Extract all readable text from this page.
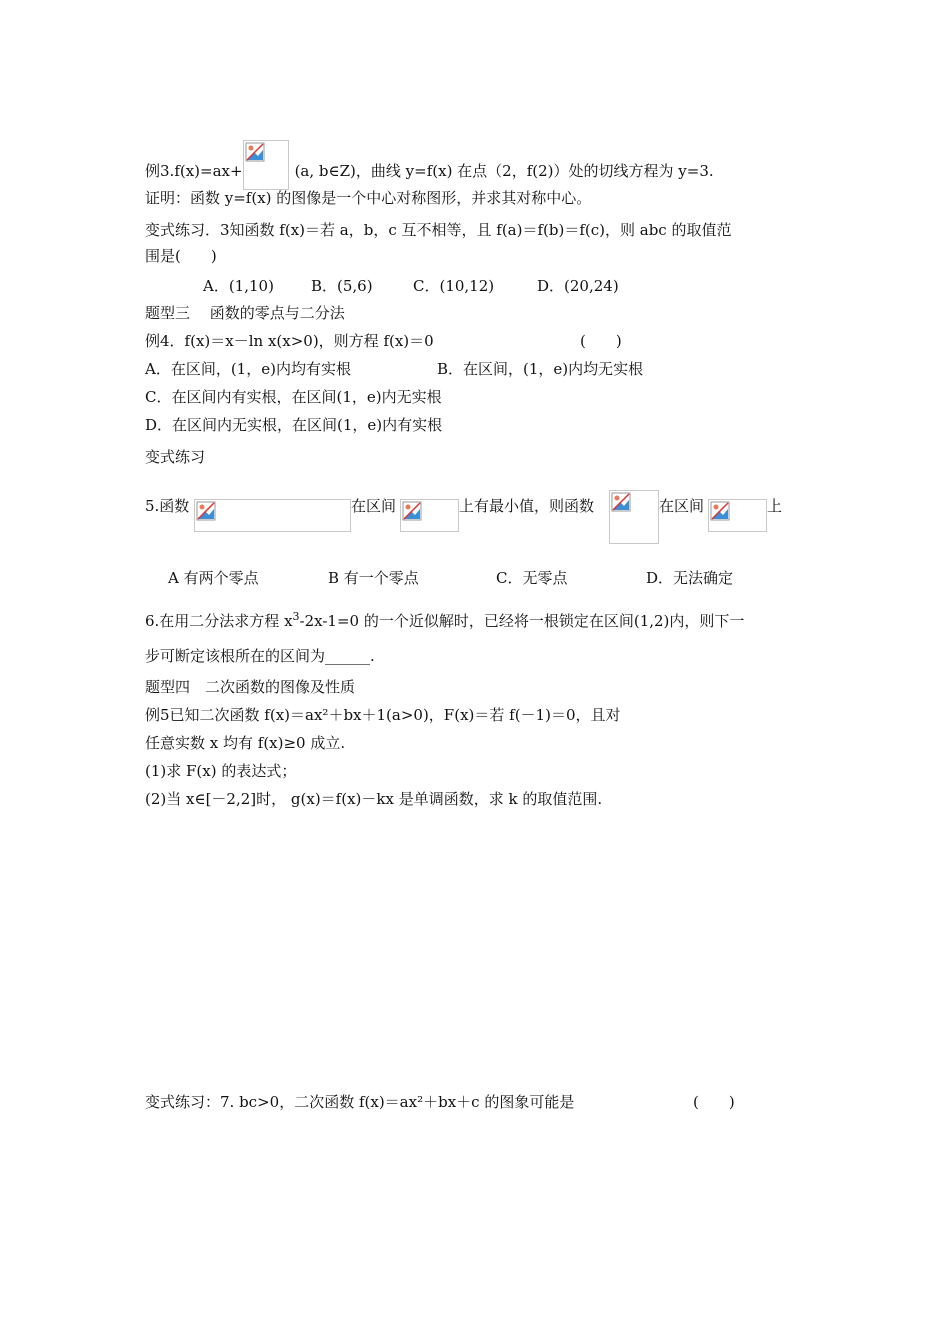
例3.f(x)=ax+	(a, b∈Z)，曲线 y=f(x) 在点（2，f(2)）处的切线方程为 y=3.
证明：函数 y=f(x) 的图像是一个中心对称图形，并求其对称中心。
变式练习．3知函数 f(x)＝若 a，b，c 互不相等，且 f(a)＝f(b)＝f(c)，则 abc 的取值范
围是(　　)
A．(1,10) B．(5,6)	C．(10,12)	D．(20,24)
题型三　 函数的零点与二分法
例4．f(x)＝x－ln x(x>0)，则方程 f(x)＝0	(　　)
A．在区间，(1，e)内均有实根	B．在区间，(1，e)内均无实根
C．在区间内有实根，在区间(1，e)内无实根
D．在区间内无实根，在区间(1，e)内有实根
变式练习
5.函数	在区间	上有最小值，则函数	在区间	上
A 有两个零点	B 有一个零点	C．无零点	D．无法确定
6.在用二分法求方程 $x^3-2x-1=0$ 的一个近似解时，已经将一根锁定在区间(1,2)内，则下一
步可断定该根所在的区间为______.
题型四　二次函数的图像及性质
例5已知二次函数 f(x)＝ax²＋bx＋1(a>0)，F(x)＝若 f(－1)＝0，且对
任意实数 x 均有 f(x)≥0 成立.
(1)求 F(x) 的表达式；
(2)当 x∈[－2,2]时， g(x)＝f(x)－kx 是单调函数，求 k 的取值范围.
变式练习：7. bc>0，二次函数 f(x)＝ax²＋bx＋c 的图象可能是	(　　)
